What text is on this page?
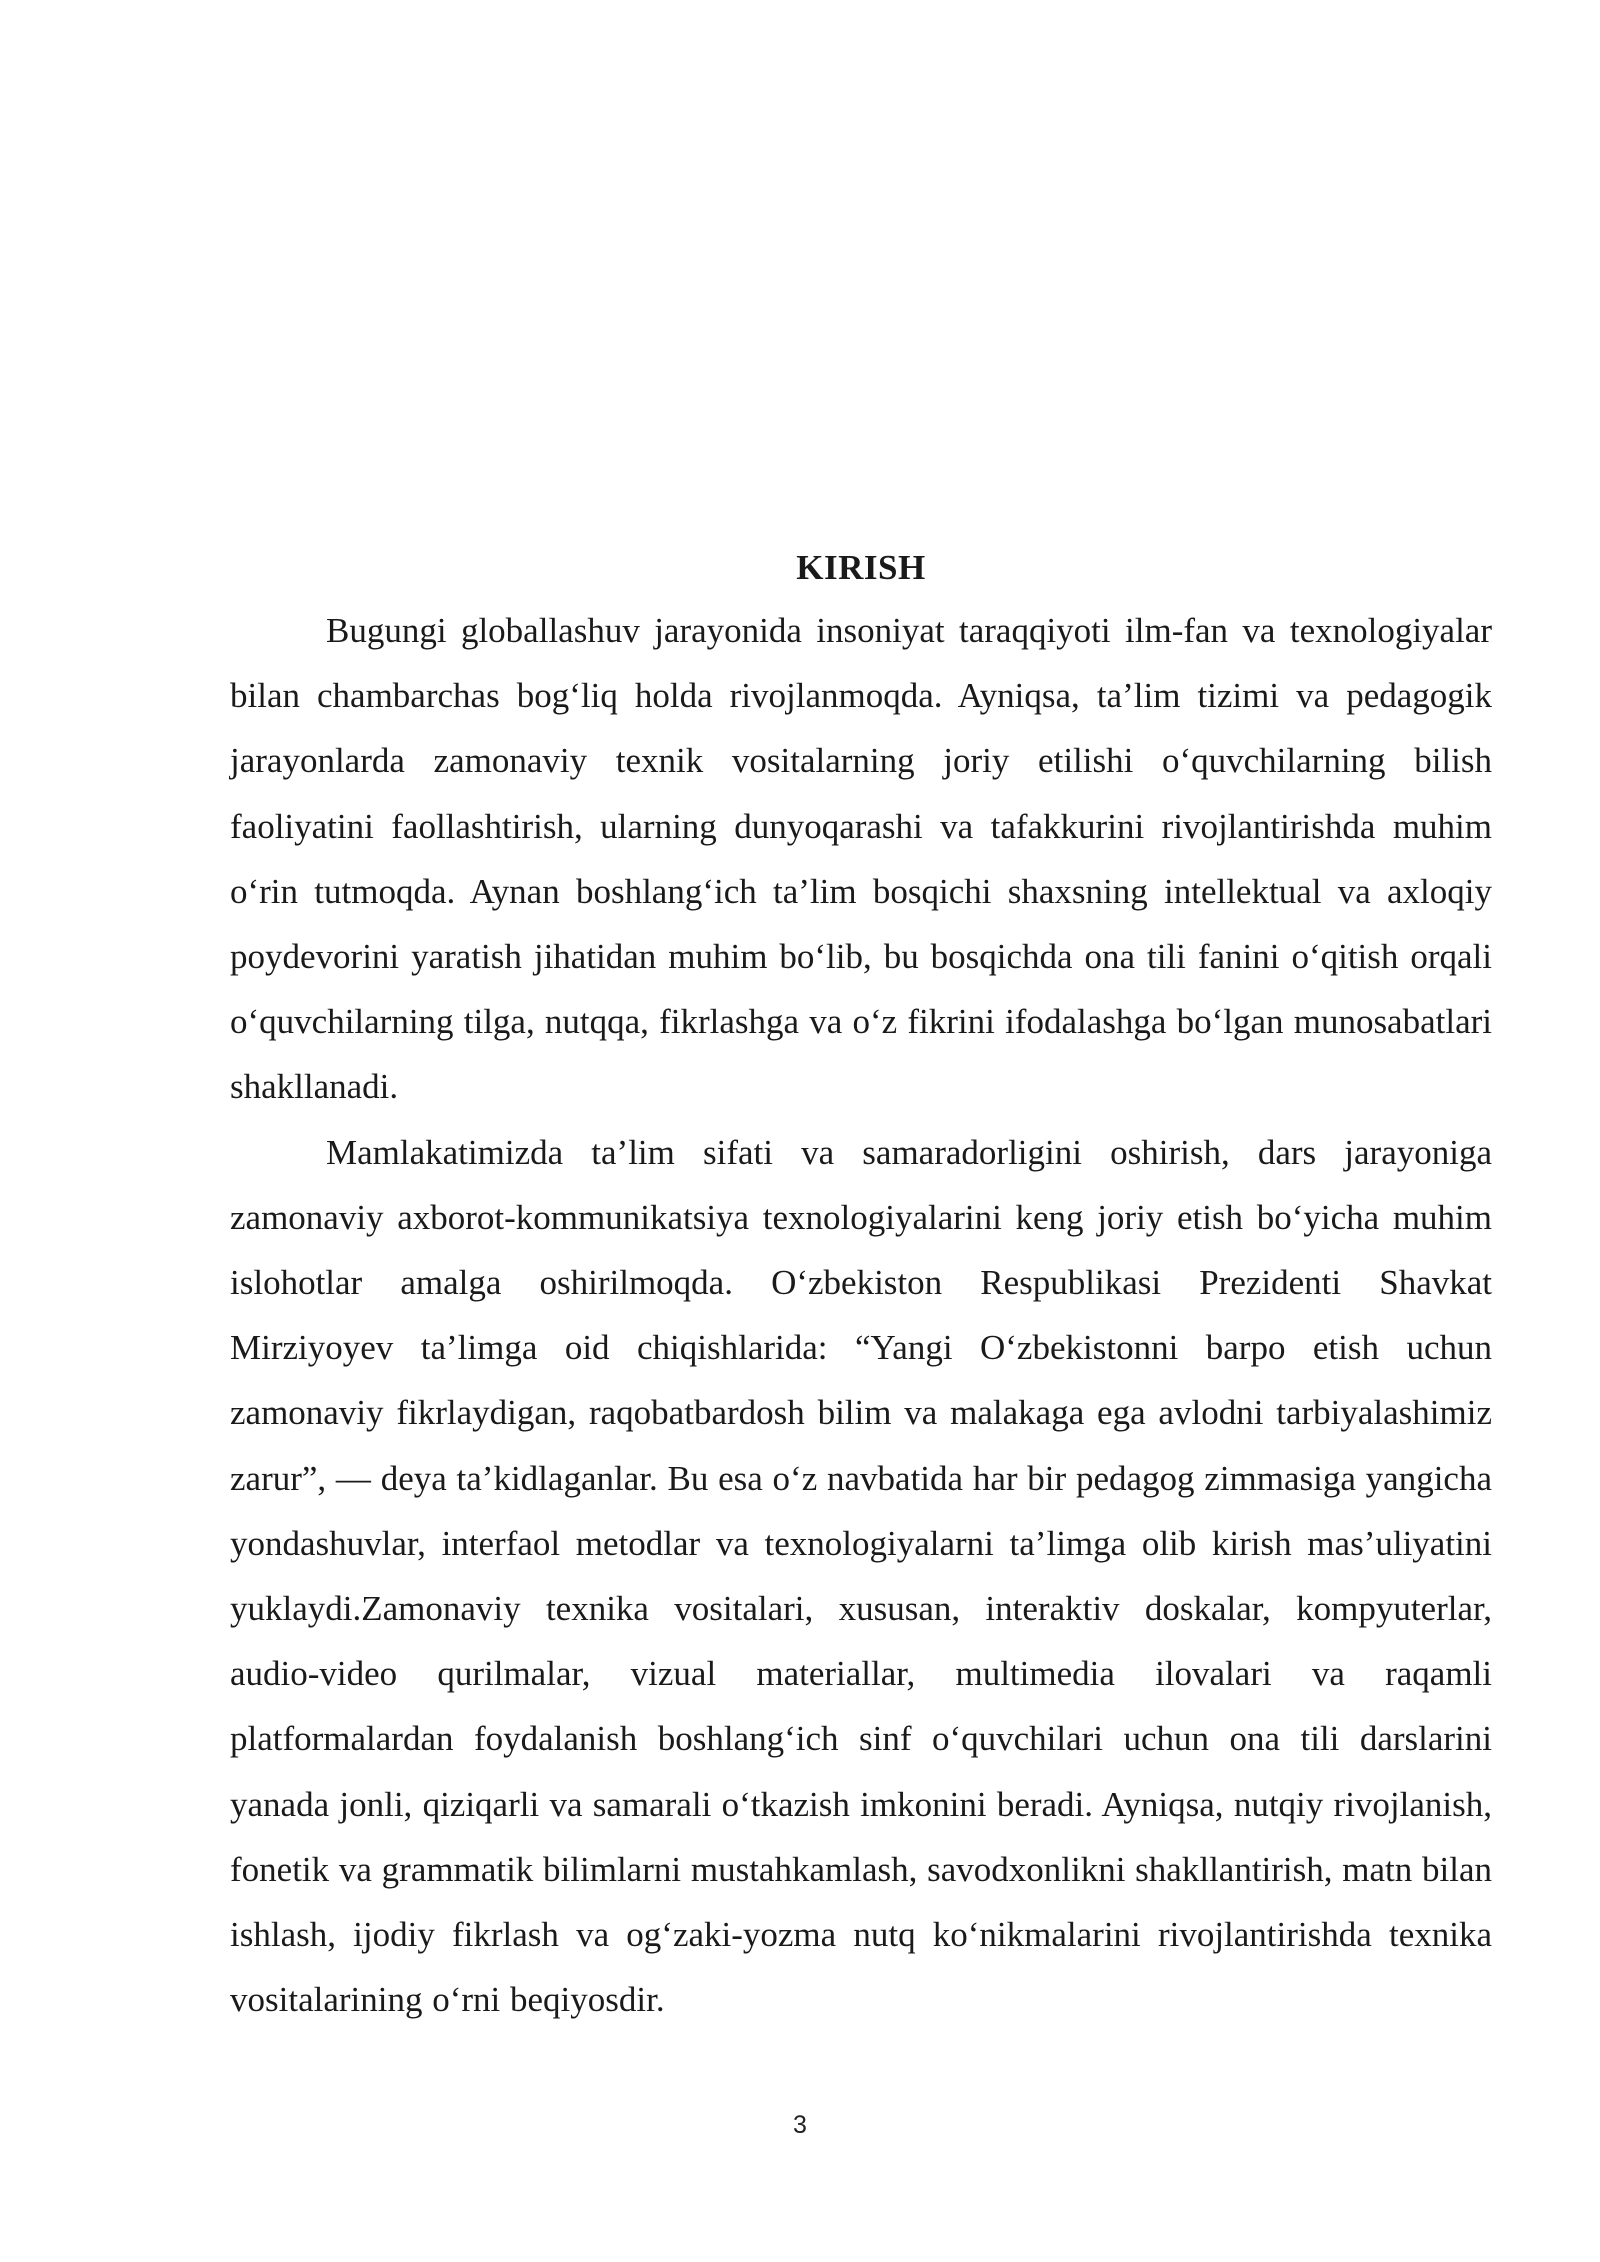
KIRISH

Bugungi globallashuv jarayonida insoniyat taraqqiyoti ilm-fan va texnologiyalar bilan chambarchas bog‘liq holda rivojlanmoqda. Ayniqsa, ta’lim tizimi va pedagogik jarayonlarda zamonaviy texnik vositalarning joriy etilishi o‘quvchilarning bilish faoliyatini faollashtirish, ularning dunyoqarashi va tafakkurini rivojlantirishda muhim o‘rin tutmoqda. Aynan boshlang‘ich ta’lim bosqichi shaxsning intellektual va axloqiy poydevorini yaratish jihatidan muhim bo‘lib, bu bosqichda ona tili fanini o‘qitish orqali o‘quvchilarning tilga, nutqqa, fikrlashga va o‘z fikrini ifodalashga bo‘lgan munosabatlari shakllanadi.

Mamlakatimizda ta’lim sifati va samaradorligini oshirish, dars jarayoniga zamonaviy axborot-kommunikatsiya texnologiyalarini keng joriy etish bo‘yicha muhim islohotlar amalga oshirilmoqda. O‘zbekiston Respublikasi Prezidenti Shavkat Mirziyoyev ta’limga oid chiqishlarida: “Yangi O‘zbekistonni barpo etish uchun zamonaviy fikrlaydigan, raqobatbardosh bilim va malakaga ega avlodni tarbiyalashimiz zarur”, — deya ta’kidlaganlar. Bu esa o‘z navbatida har bir pedagog zimmasiga yangicha yondashuvlar, interfaol metodlar va texnologiyalarni ta’limga olib kirish mas’uliyatini yuklaydi.Zamonaviy texnika vositalari, xususan, interaktiv doskalar, kompyuterlar, audio-video qurilmalar, vizual materiallar, multimedia ilovalari va raqamli platformalardan foydalanish boshlang‘ich sinf o‘quvchilari uchun ona tili darslarini yanada jonli, qiziqarli va samarali o‘tkazish imkonini beradi. Ayniqsa, nutqiy rivojlanish, fonetik va grammatik bilimlarni mustahkamlash, savodxonlikni shakllantirish, matn bilan ishlash, ijodiy fikrlash va og‘zaki-yozma nutq ko‘nikmalarini rivojlantirishda texnika vositalarining o‘rni beqiyosdir.

3
